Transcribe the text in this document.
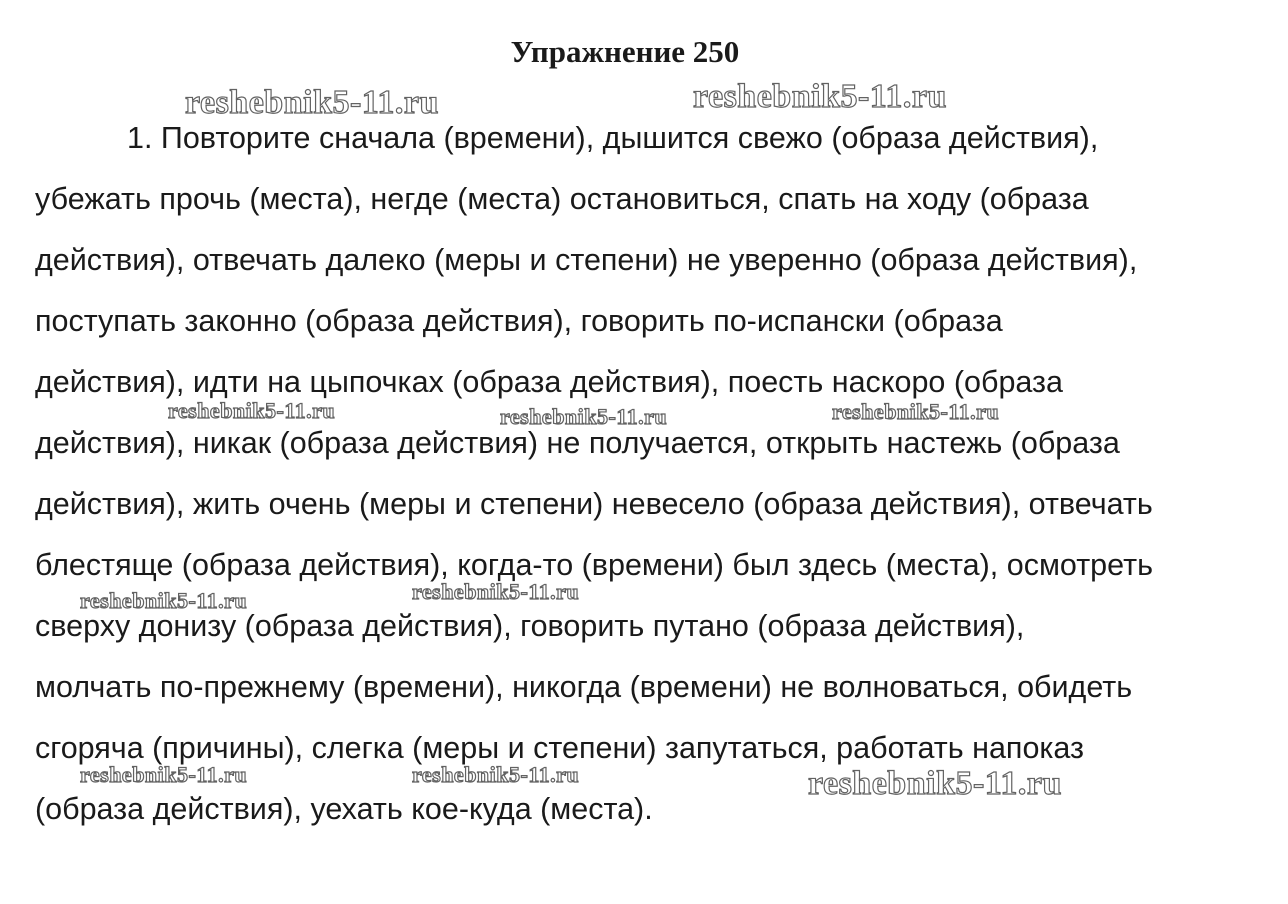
Упражнение 250
1. Повторите сначала (времени), дышится свежо (образа действия),
убежать прочь (места), негде (места) остановиться, спать на ходу (образа
действия), отвечать далеко (меры и степени) не уверенно (образа действия),
поступать законно (образа действия), говорить по-испански (образа
действия), идти на цыпочках (образа действия), поесть наскоро (образа
действия), никак (образа действия) не получается, открыть настежь (образа
действия), жить очень (меры и степени) невесело (образа действия), отвечать
блестяще (образа действия), когда-то (времени) был здесь (места), осмотреть
сверху донизу (образа действия), говорить путано (образа действия),
молчать по-прежнему (времени), никогда (времени) не волноваться, обидеть
сгоряча (причины), слегка (меры и степени) запутаться, работать напоказ
(образа действия), уехать кое-куда (места).
reshebnik5-11.ru	reshebnik5-11.ru
reshebnik5-11.ru	reshebnik5-11.ru	reshebnik5-11.ru
reshebnik5-11.ru
reshebnik5-11.ru
reshebnik5-11.ru	reshebnik5-11.ru	reshebnik5-11.ru
